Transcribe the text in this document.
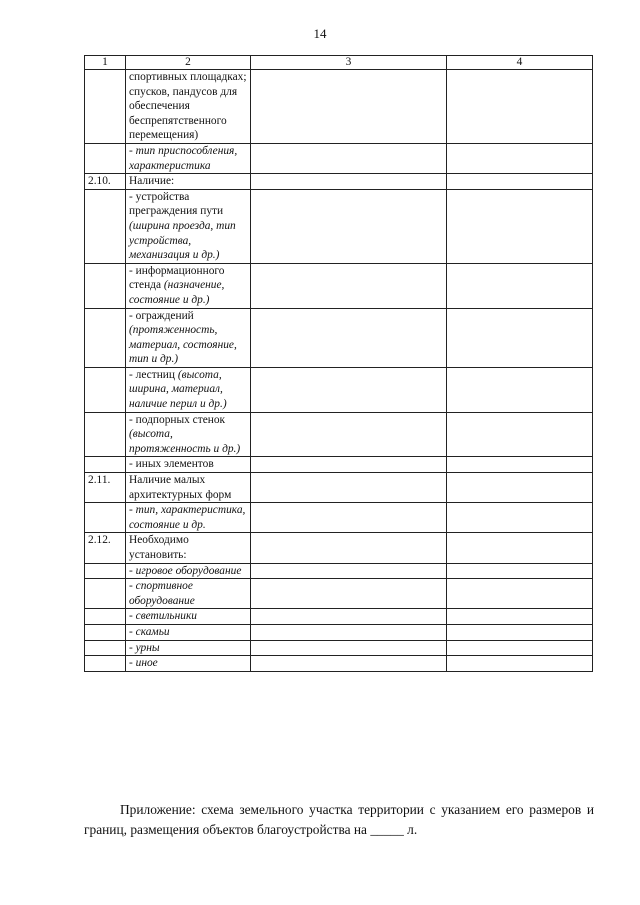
14
1	2	3	4
	спортивных площадках; спусков, пандусов для обеспечения беспрепятственного перемещения)		
	- тип приспособления, характеристика		
2.10.	Наличие:		
	- устройства преграждения пути (ширина проезда, тип устройства, механизация и др.)		
	- информационного стенда (назначение, состояние и др.)		
	- ограждений (протяженность, материал, состояние, тип и др.)		
	- лестниц (высота, ширина, материал, наличие перил и др.)		
	- подпорных стенок (высота, протяженность и др.)		
	- иных элементов		
2.11.	Наличие малых архитектурных форм		
	- тип, характеристика, состояние и др.		
2.12.	Необходимо установить:		
	- игровое оборудование		
	- спортивное оборудование		
	- светильники		
	- скамьи		
	- урны		
	- иное		
Приложение: схема земельного участка территории с указанием его размеров и границ, размещения объектов благоустройства на _____ л.
